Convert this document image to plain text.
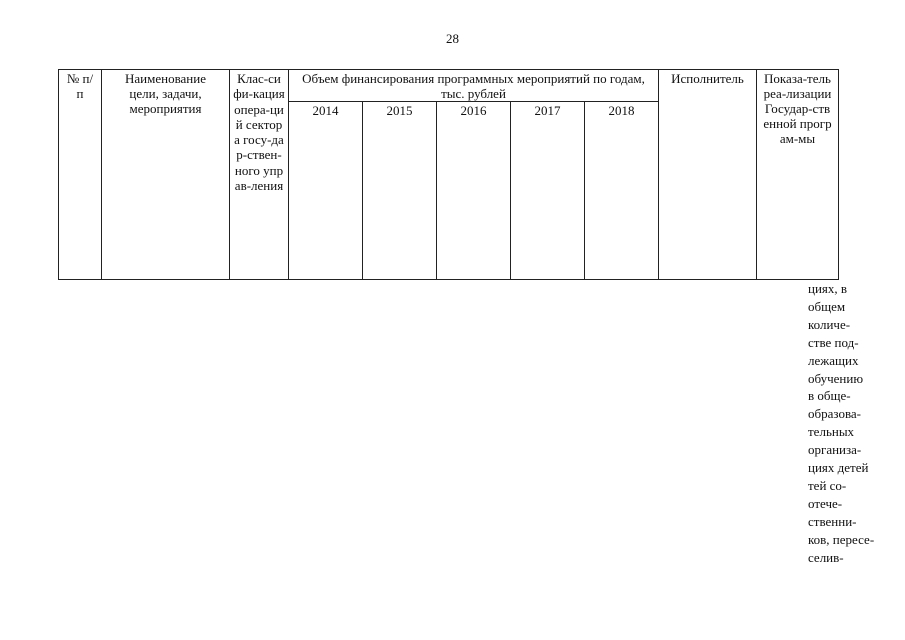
28
№ п/п	Наименование цели, задачи, мероприятия	Клас-сифи-кация опера-ций сектора госу-дар-ствен-ного управ-ления	Объем финансирования программных мероприятий по годам, тыс. рублей					Исполнитель	Показа-тель реа-лизации Государ-ственной програм-мы

			2014	2015	2016	2017	2018		
циях, в
общем
количе-
стве под-
лежащих
обучению
в обще-
образова-
тельных
организа-
циях детей
тей со-
отече-
ственни-
ков, пересе-
селив-
